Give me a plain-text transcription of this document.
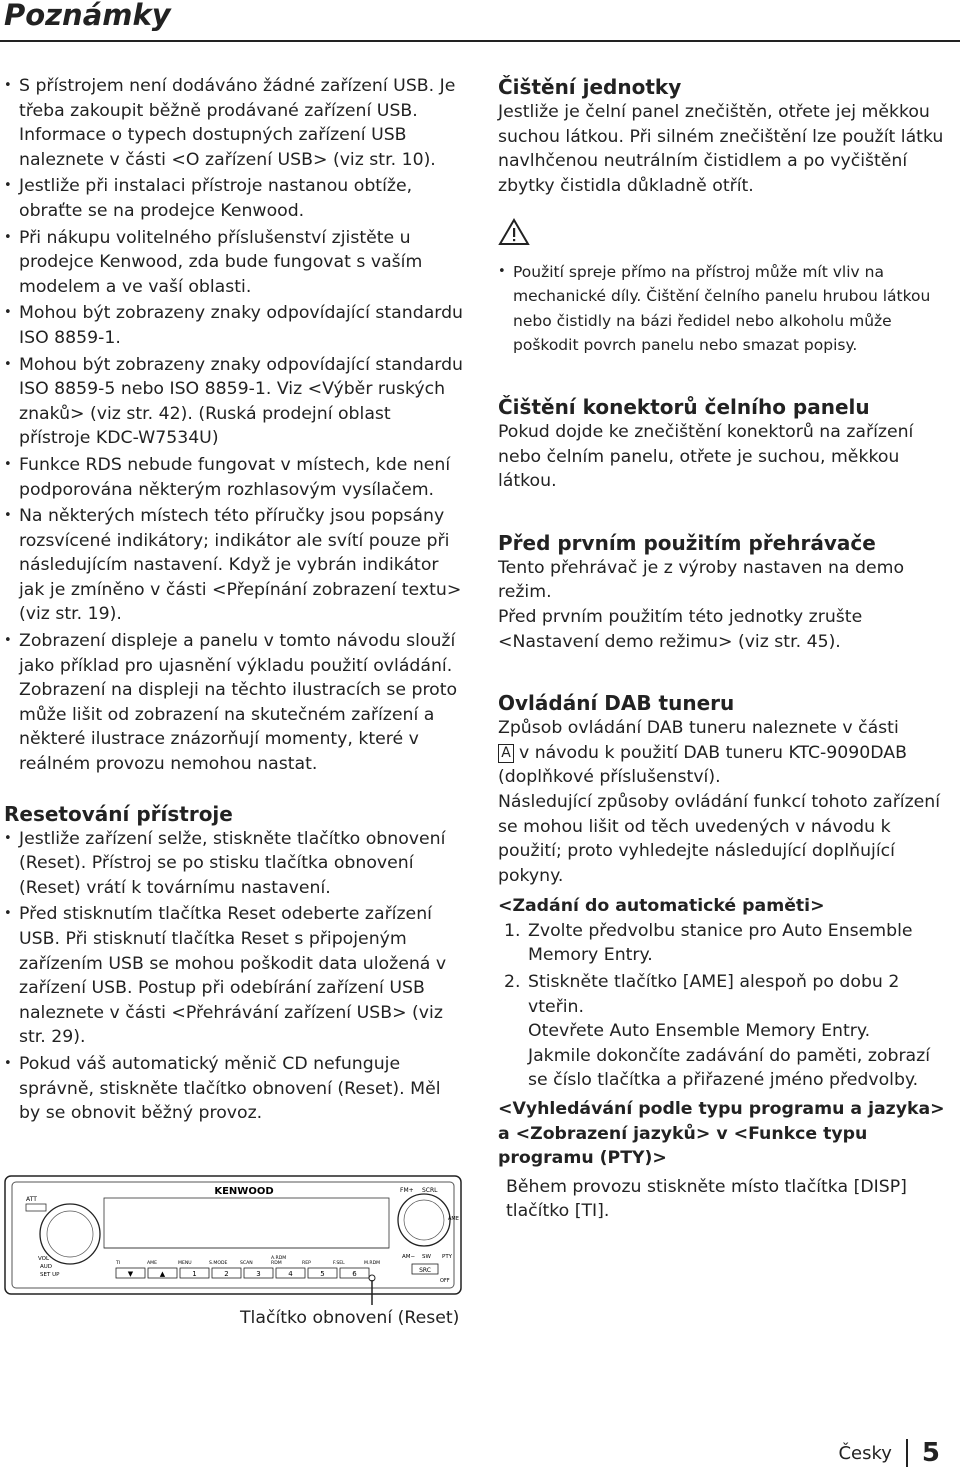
Poznámky
• S přístrojem není dodáváno žádné zařízení USB. Je třeba zakoupit běžně prodávané zařízení USB. Informace o typech dostupných zařízení USB naleznete v části <O zařízení USB> (viz str. 10).
• Jestliže při instalaci přístroje nastanou obtíže, obraťte se na prodejce Kenwood.
• Při nákupu volitelného příslušenství zjistěte u prodejce Kenwood, zda bude fungovat s vaším modelem a ve vaší oblasti.
• Mohou být zobrazeny znaky odpovídající standardu ISO 8859-1.
• Mohou být zobrazeny znaky odpovídající standardu ISO 8859-5 nebo ISO 8859-1. Viz <Výběr ruských znaků> (viz str. 42). (Ruská prodejní oblast přístroje KDC-W7534U)
• Funkce RDS nebude fungovat v místech, kde není podporována některým rozhlasovým vysílačem.
• Na některých místech této příručky jsou popsány rozsvícené indikátory; indikátor ale svítí pouze při následujícím nastavení. Když je vybrán indikátor jak je zmíněno v části <Přepínání zobrazení textu> (viz str. 19).
• Zobrazení displeje a panelu v tomto návodu slouží jako příklad pro ujasnění výkladu použití ovládání. Zobrazení na displeji na těchto ilustracích se proto může lišit od zobrazení na skutečném zařízení a některé ilustrace znázorňují momenty, které v reálném provozu nemohou nastat.
Resetování přístroje
• Jestliže zařízení selže, stiskněte tlačítko obnovení (Reset). Přístroj se po stisku tlačítka obnovení (Reset) vrátí k továrnímu nastavení.
• Před stisknutím tlačítka Reset odeberte zařízení USB. Při stisknutí tlačítka Reset s připojeným zařízením USB se mohou poškodit data uložená v zařízení USB. Postup při odebírání zařízení USB naleznete v části <Přehrávání zařízení USB> (viz str. 29).
• Pokud váš automatický měnič CD nefunguje správně, stiskněte tlačítko obnovení (Reset). Měl by se obnovit běžný provoz.
ATT
KENWOOD	FM+ SCRL
AME
AM− SW PTY
VOL
AUD
SET UP	▼	▲	1	2	3	4	5	6
TI	AME	MENU	S.MODE	SCAN	RDM	REP	F.SEL	M.RDM
A.RDM
SRC
OFF
Tlačítko obnovení (Reset)
Čištění jednotky

Jestliže je čelní panel znečištěn, otřete jej měkkou suchou látkou. Při silném znečištění lze použít látku navlhčenou neutrálním čistidlem a po vyčištění zbytky čistidla důkladně otřít.

• Použití spreje přímo na přístroj může mít vliv na mechanické díly. Čištění čelního panelu hrubou látkou nebo čistidly na bázi ředidel nebo alkoholu může poškodit povrch panelu nebo smazat popisy.
Čištění konektorů čelního panelu

Pokud dojde ke znečištění konektorů na zařízení nebo čelním panelu, otřete je suchou, měkkou látkou.

Před prvním použitím přehrávače

Tento přehrávač je z výroby nastaven na demo režim.

Před prvním použitím této jednotky zrušte <Nastavení demo režimu> (viz str. 45).

Ovládání DAB tuneru

Způsob ovládání DAB tuneru naleznete v části

A v návodu k použití DAB tuneru KTC-9090DAB (doplňkové příslušenství).

Následující způsoby ovládání funkcí tohoto zařízení se mohou lišit od těch uvedených v návodu k použití; proto vyhledejte následující doplňující pokyny.

<Zadání do automatické paměti>
1. Zvolte předvolbu stanice pro Auto Ensemble Memory Entry.
2. Stiskněte tlačítko [AME] alespoň po dobu 2 vteřin.
Otevřete Auto Ensemble Memory Entry.
Jakmile dokončíte zadávání do paměti, zobrazí se číslo tlačítka a přiřazené jméno předvolby.
<Vyhledávání podle typu programu a jazyka> a <Zobrazení jazyků> v <Funkce typu programu (PTY)>

Během provozu stiskněte místo tlačítka [DISP] tlačítko [TI].

Česky 5
